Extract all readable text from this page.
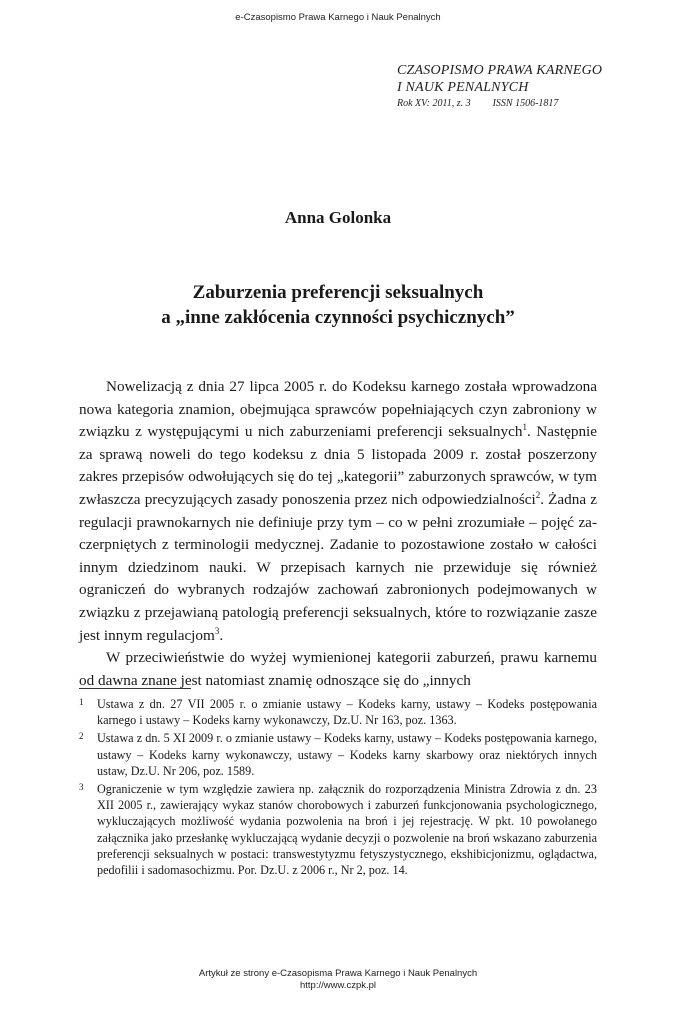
e-Czasopismo Prawa Karnego i Nauk Penalnych
CZASOPISMO PRAWA KARNEGO
I NAUK PENALNYCH
Rok XV: 2011, z. 3 ISSN 1506-1817
Anna Golonka
Zaburzenia preferencji seksualnych
a „inne zakłócenia czynności psychicznych”

Nowelizacją z dnia 27 lipca 2005 r. do Kodeksu karnego została wprowadzona nowa kategoria znamion, obejmująca sprawców popełniających czyn zabroniony w związku z występującymi u nich zaburzeniami preferencji seksualnych$^1$. Następnie za sprawą noweli do tego kodeksu z dnia 5 listopada 2009 r. został poszerzony zakres przepisów odwołujących się do tej „kategorii” zaburzonych sprawców, w tym zwłaszcza precyzujących zasady ponoszenia przez nich odpowiedzialności$^2$. Żadna z regulacji prawnokarnych nie definiuje przy tym – co w pełni zrozumiałe – pojęć zaczerpniętych z terminologii medycznej. Zadanie to pozostawione zostało w całości innym dziedzinom nauki. W przepisach karnych nie przewiduje się również ograniczeń do wybranych rodzajów zachowań zabronionych podejmowanych w związku z przejawianą patologią preferencji seksualnych, które to rozwiązanie zasze jest innym regulacjom$^3$.

W przeciwieństwie do wyżej wymienionej kategorii zaburzeń, prawu karnemu od dawna znane jest natomiast znamię odnoszące się do „innych

1	Ustawa z dn. 27 VII 2005 r. o zmianie ustawy – Kodeks karny, ustawy – Kodeks postępowania karnego i ustawy – Kodeks karny wykonawczy, Dz.U. Nr 163, poz. 1363.
2	Ustawa z dn. 5 XI 2009 r. o zmianie ustawy – Kodeks karny, ustawy – Kodeks postępowania karnego, ustawy – Kodeks karny wykonawczy, ustawy – Kodeks karny skarbowy oraz niektórych innych ustaw, Dz.U. Nr 206, poz. 1589.
3	Ograniczenie w tym względzie zawiera np. załącznik do rozporządzenia Ministra Zdrowia z dn. 23 XII 2005 r., zawierający wykaz stanów chorobowych i zaburzeń funkcjonowania psychologicznego, wykluczających możliwość wydania pozwolenia na broń i jej rejestrację. W pkt. 10 powołanego załącznika jako przesłankę wykluczającą wydanie decyzji o pozwolenie na broń wskazano zaburzenia preferencji seksualnych w postaci: transwestytyzmu fetyszystycznego, ekshibicjonizmu, oglądactwa, pedofilii i sadomasochizmu. Por. Dz.U. z 2006 r., Nr 2, poz. 14.
Artykuł ze strony e-Czasopisma Prawa Karnego i Nauk Penalnych
http://www.czpk.pl
